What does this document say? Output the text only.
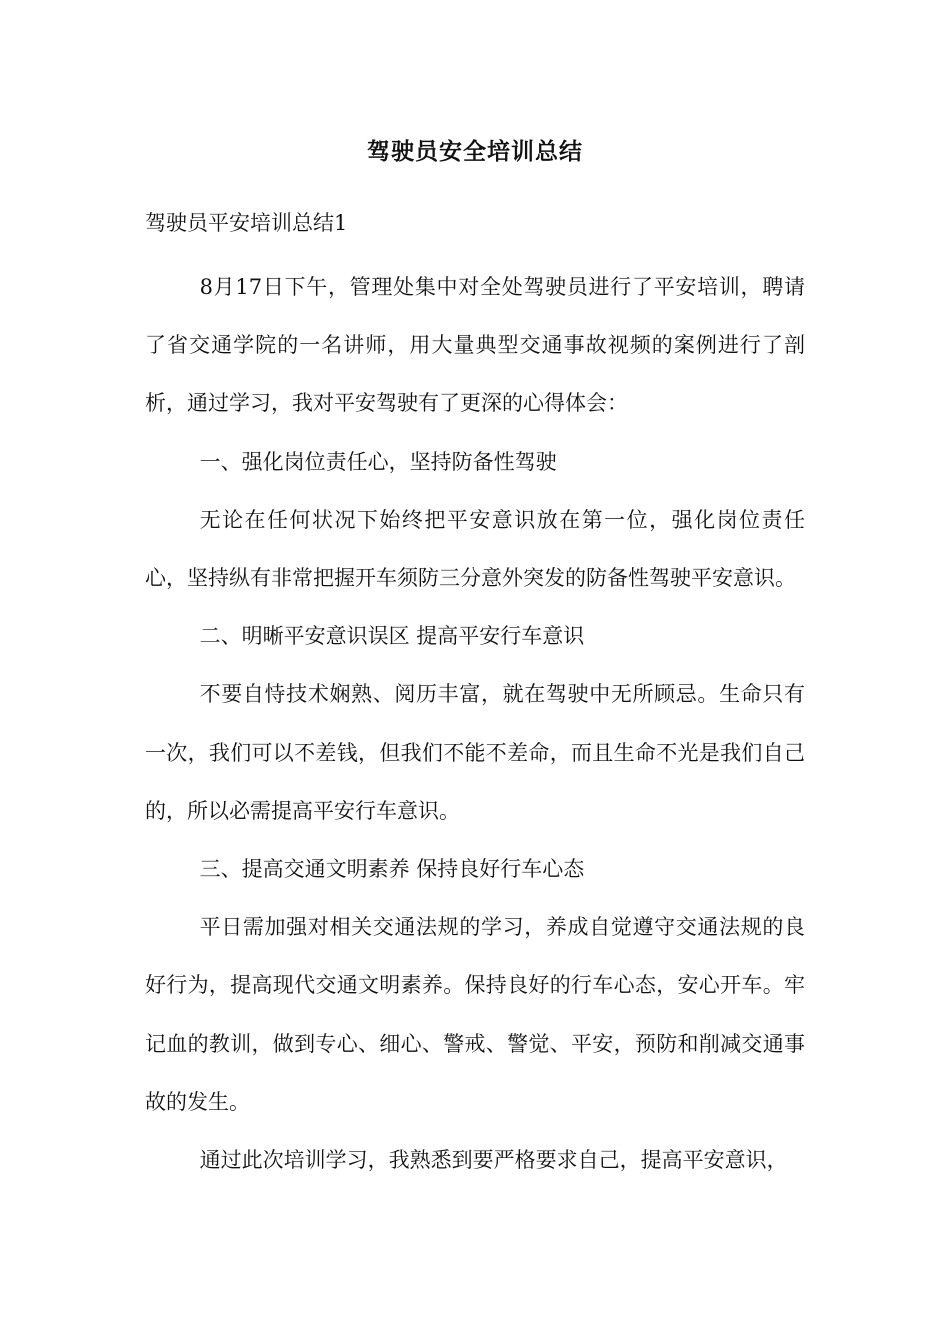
驾驶员安全培训总结
驾驶员平安培训总结1

8月17日下午，管理处集中对全处驾驶员进行了平安培训，聘请了省交通学院的一名讲师，用大量典型交通事故视频的案例进行了剖析，通过学习，我对平安驾驶有了更深的心得体会：

一、强化岗位责任心，坚持防备性驾驶

无论在任何状况下始终把平安意识放在第一位，强化岗位责任心，坚持纵有非常把握开车须防三分意外突发的防备性驾驶平安意识。

二、明晰平安意识误区 提高平安行车意识

不要自恃技术娴熟、阅历丰富，就在驾驶中无所顾忌。生命只有一次，我们可以不差钱，但我们不能不差命，而且生命不光是我们自己的，所以必需提高平安行车意识。

三、提高交通文明素养 保持良好行车心态

平日需加强对相关交通法规的学习，养成自觉遵守交通法规的良好行为，提高现代交通文明素养。保持良好的行车心态，安心开车。牢记血的教训，做到专心、细心、警戒、警觉、平安，预防和削减交通事故的发生。

通过此次培训学习，我熟悉到要严格要求自己，提高平安意识，
